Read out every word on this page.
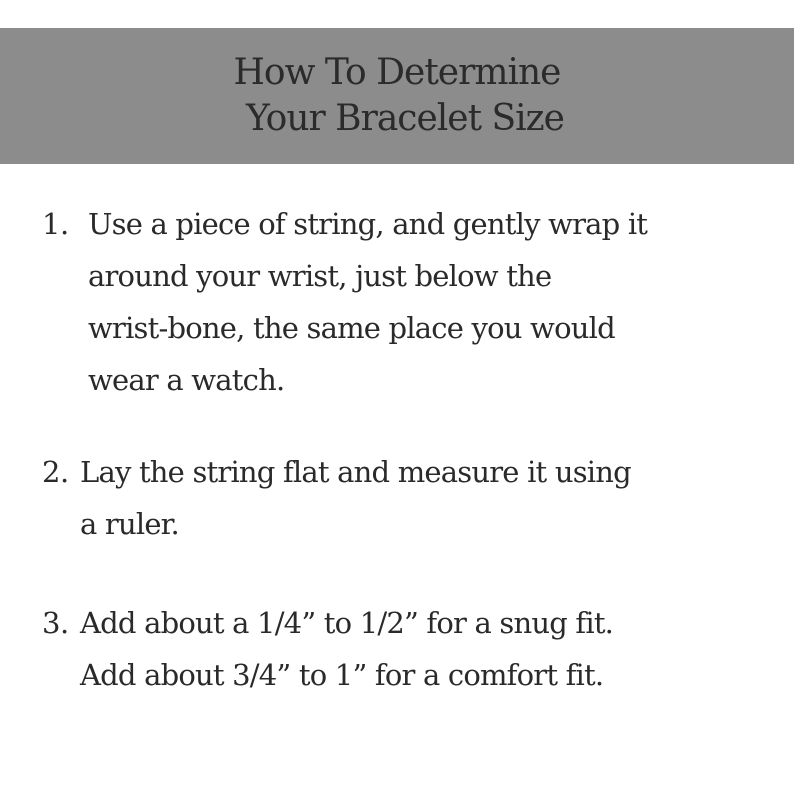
How To Determine
Your Bracelet Size
1. Use a piece of string, and gently wrap it
around your wrist, just below the
wrist-bone, the same place you would
wear a watch.
2. Lay the string flat and measure it using
a ruler.
3. Add about a 1/4” to 1/2” for a snug fit.
Add about 3/4” to 1” for a comfort fit.
